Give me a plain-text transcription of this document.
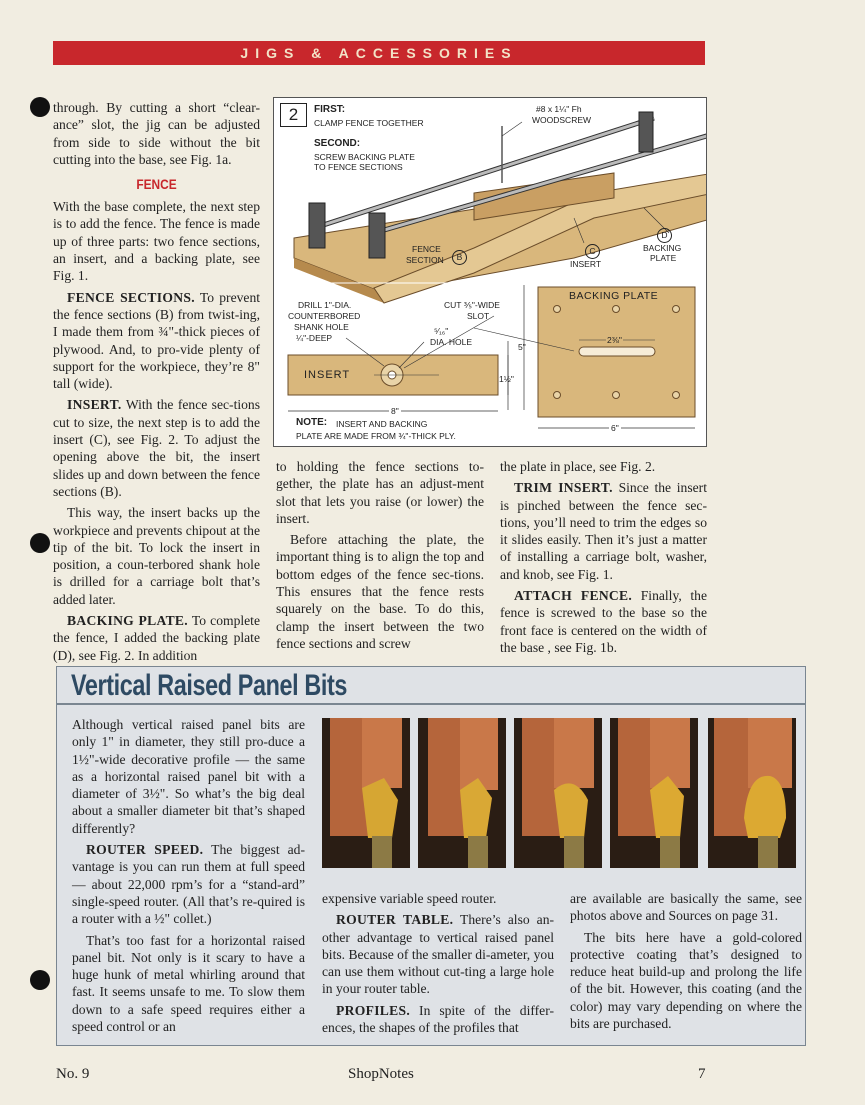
JIGS & ACCESSORIES

through. By cutting a short “clear-ance” slot, the jig can be adjusted from side to side without the bit cutting into the base, see Fig. 1a.

FENCE

With the base complete, the next step is to add the fence. The fence is made up of three parts: two fence sections, an insert, and a backing plate, see Fig. 1.

FENCE SECTIONS. To prevent the fence sections (B) from twist-ing, I made them from ¾"-thick pieces of plywood. And, to pro-vide plenty of support for the workpiece, they’re 8" tall (wide).

INSERT. With the fence sec-tions cut to size, the next step is to add the insert (C), see Fig. 2. To adjust the opening above the bit, the insert slides up and down between the fence sections (B).

This way, the insert backs up the workpiece and prevents chipout at the tip of the bit. To lock the insert in position, a coun-terbored shank hole is drilled for a carriage bolt that’s added later.

BACKING PLATE. To complete the fence, I added the backing plate (D), see Fig. 2. In addition

2	FIRST:
CLAMP FENCE TOGETHER
SECOND:
SCREW BACKING PLATE
TO FENCE SECTIONS
#8 x 1¼" Fh
WOODSCREW
FENCE
SECTION	B
C
INSERT
D
BACKING
PLATE
DRILL 1"-DIA.
COUNTERBORED
SHANK HOLE
¼"-DEEP
CUT ⅗"-WIDE
SLOT
⁵⁄₁₆"
DIA. HOLE
INSERT
8"
5"
1½"
6"
2⅜"
BACKING PLATE
NOTE: INSERT AND BACKING
PLATE ARE MADE FROM ¾"-THICK PLY.

to holding the fence sections to-gether, the plate has an adjust-ment slot that lets you raise (or lower) the insert.

Before attaching the plate, the important thing is to align the top and bottom edges of the fence sec-tions. This ensures that the fence rests squarely on the base. To do this, clamp the insert between the two fence sections and screw

the plate in place, see Fig. 2.

TRIM INSERT. Since the insert is pinched between the fence sec-tions, you’ll need to trim the edges so it slides easily. Then it’s just a matter of installing a carriage bolt, washer, and knob, see Fig. 1.

ATTACH FENCE. Finally, the fence is screwed to the base so the front face is centered on the width of the base , see Fig. 1b.

Vertical Raised Panel Bits

Although vertical raised panel bits are only 1" in diameter, they still pro-duce a 1½"-wide decorative profile — the same as a horizontal raised panel bit with a diameter of 3½". So what’s the big deal about a smaller diameter bit that’s shaped differently?

ROUTER SPEED. The biggest ad-vantage is you can run them at full speed — about 22,000 rpm’s for a “stand-ard” single-speed router. (All that’s re-quired is a router with a ½" collet.)

That’s too fast for a horizontal raised panel bit. Not only is it scary to have a huge hunk of metal whirling around that fast. It seems unsafe to me. To slow them down to a safe speed requires either a speed control or an

expensive variable speed router.

ROUTER TABLE. There’s also an-other advantage to vertical raised panel bits. Because of the smaller di-ameter, you can use them without cut-ting a large hole in your router table.

PROFILES. In spite of the differ-ences, the shapes of the profiles that

are available are basically the same, see photos above and Sources on page 31.

The bits here have a gold-colored protective coating that’s designed to reduce heat build-up and prolong the life of the bit. However, this coating (and the color) may vary depending on where the bits are purchased.

No. 9	ShopNotes	7
